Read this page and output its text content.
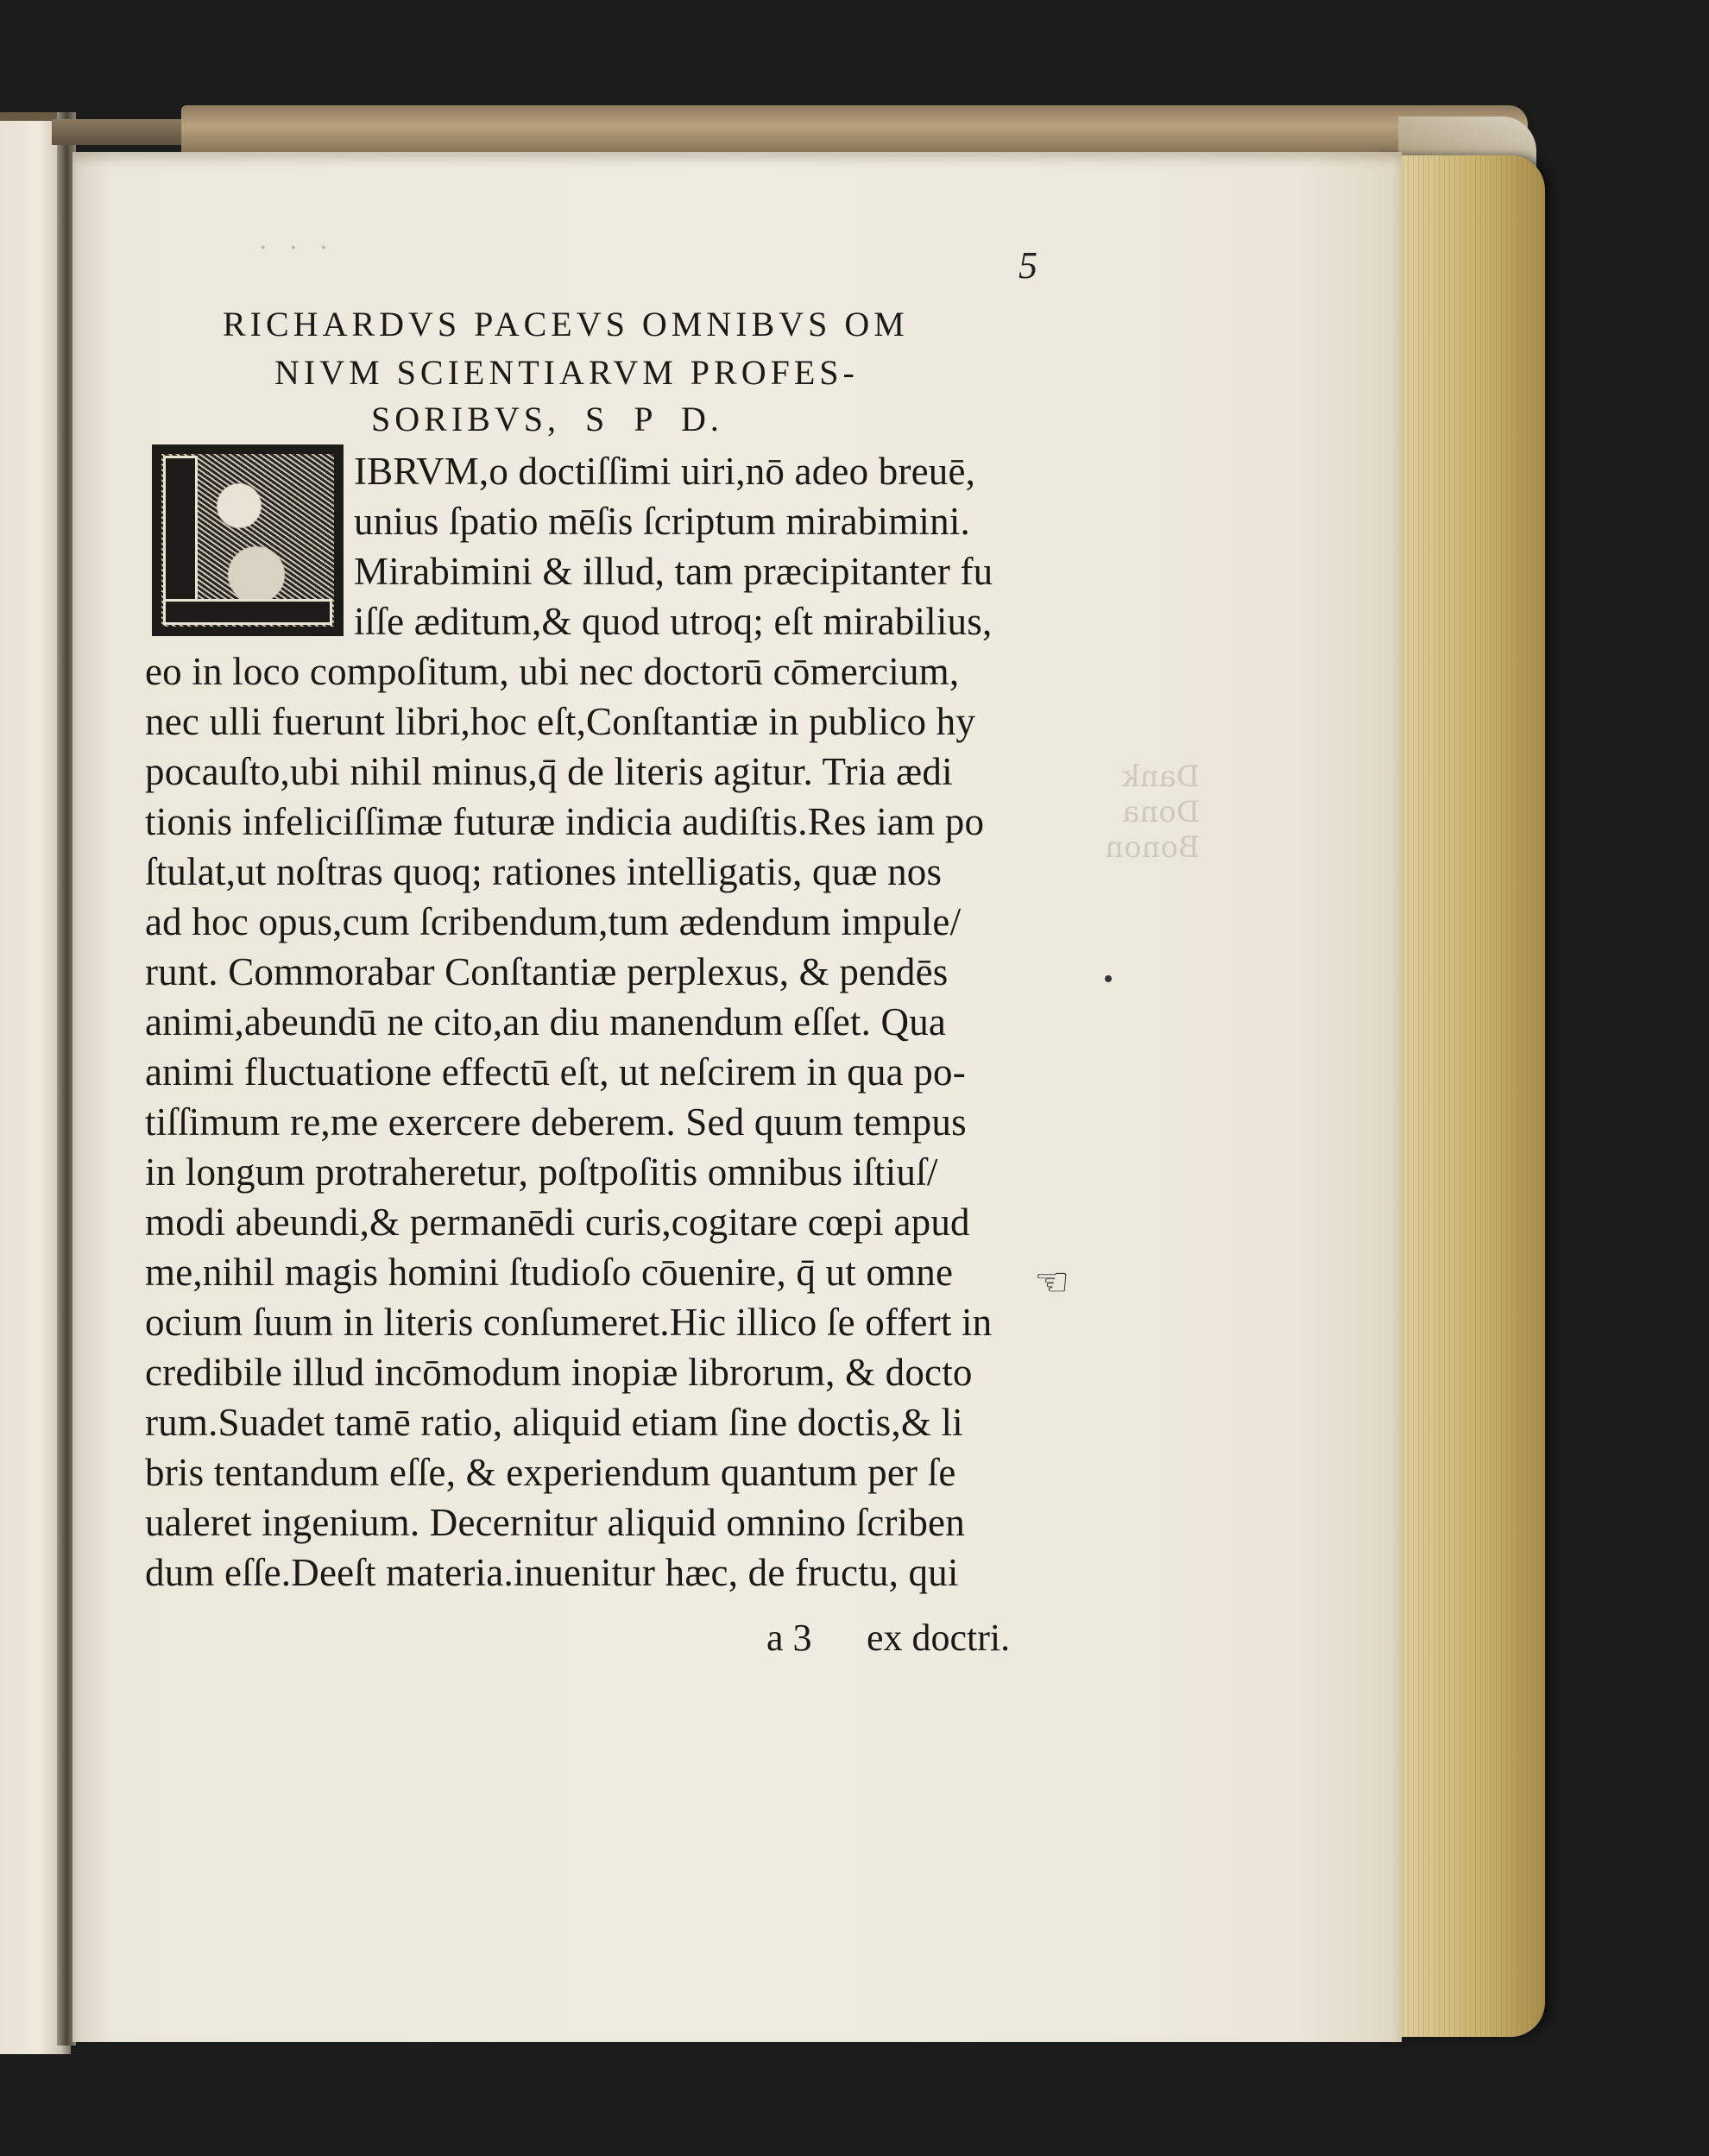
Dank
Dona
Bonon
· · ·	5
RICHARDVS PACEVS OMNIBVS OM
NIVM SCIENTIARVM PROFES-
SORIBVS, S P D.
IBRVM,o doctiſſimi uiri,nō adeo breuē,
unius ſpatio mēſis ſcriptum mirabimini.
Mirabimini & illud, tam præcipitanter fu
iſſe æditum,& quod utroq; eſt mirabilius,
eo in loco compoſitum, ubi nec doctorū cōmercium,
nec ulli fuerunt libri,hoc eſt,Conſtantiæ in publico hy
pocauſto,ubi nihil minus,q̄ de literis agitur. Tria ædi
tionis infeliciſſimæ futuræ indicia audiſtis.Res iam po
ſtulat,ut noſtras quoq; rationes intelligatis, quæ nos
ad hoc opus,cum ſcribendum,tum ædendum impule/
runt. Commorabar Conſtantiæ perplexus, & pendēs
animi,abeundū ne cito,an diu manendum eſſet. Qua
animi fluctuatione effectū eſt, ut neſcirem in qua po-
tiſſimum re,me exercere deberem. Sed quum tempus
in longum protraheretur, poſtpoſitis omnibus iſtiuſ/
modi abeundi,& permanēdi curis,cogitare cœpi apud
me,nihil magis homini ſtudioſo cōuenire, q̄ ut omne
ocium ſuum in literis conſumeret.Hic illico ſe offert in
credibile illud incōmodum inopiæ librorum, & docto
rum.Suadet tamē ratio, aliquid etiam ſine doctis,& li
bris tentandum eſſe, & experiendum quantum per ſe
ualeret ingenium. Decernitur aliquid omnino ſcriben
dum eſſe.Deeſt materia.inuenitur hæc, de fructu, qui
a 3 ex doctri.
☜
